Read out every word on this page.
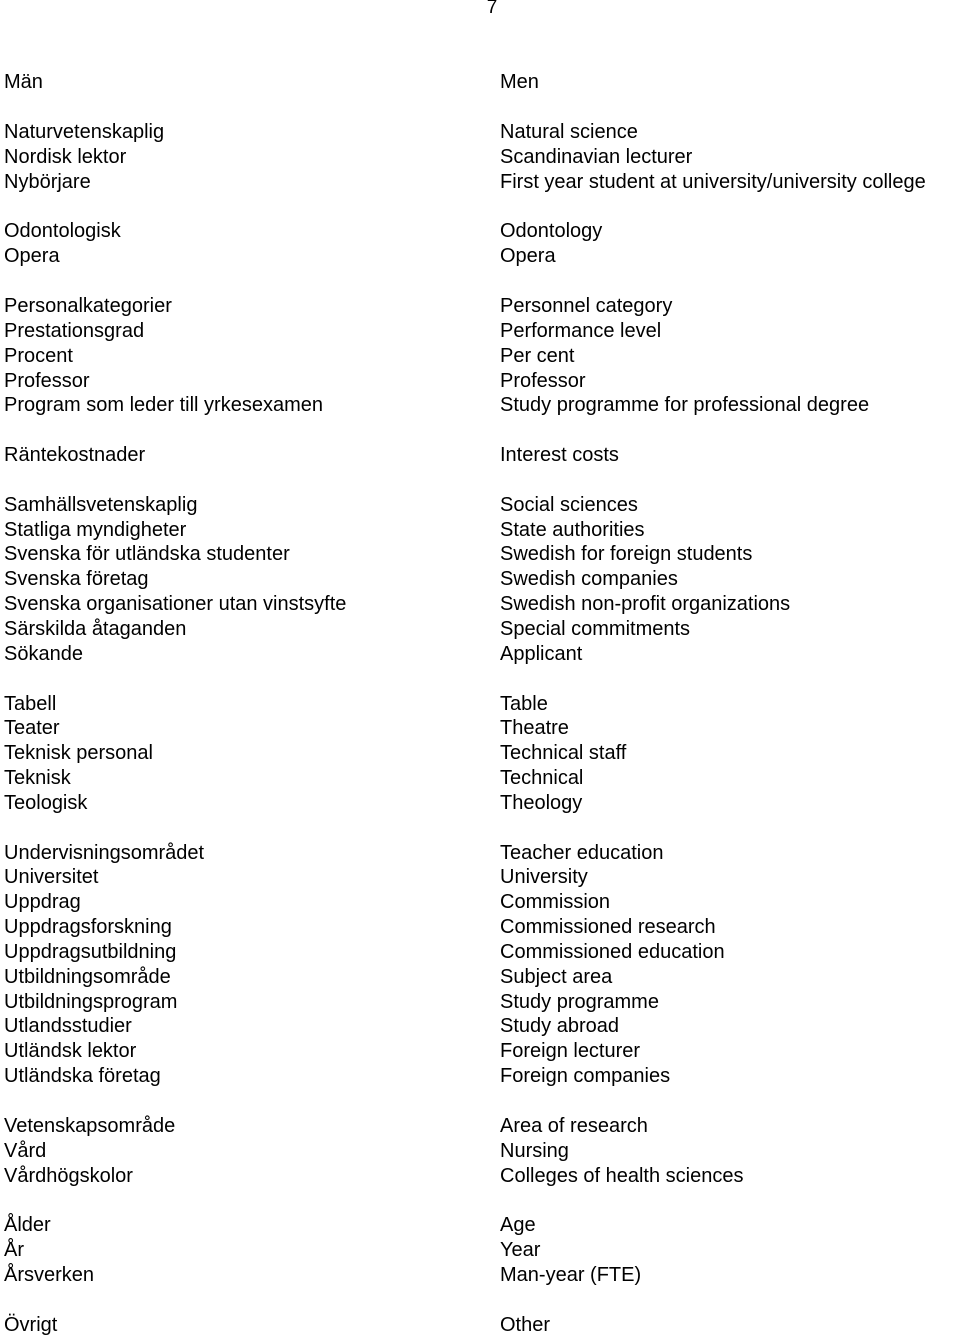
7
Män	Men
Naturvetenskaplig	Natural science
Nordisk lektor	Scandinavian lecturer
Nybörjare	First year student at university/university college
Odontologisk	Odontology
Opera	Opera
Personalkategorier	Personnel category
Prestationsgrad	Performance level
Procent	Per cent
Professor	Professor
Program som leder till yrkesexamen	Study programme for professional degree
Räntekostnader	Interest costs
Samhällsvetenskaplig	Social sciences
Statliga myndigheter	State authorities
Svenska för utländska studenter	Swedish for foreign students
Svenska företag	Swedish companies
Svenska organisationer utan vinstsyfte	Swedish non-profit organizations
Särskilda åtaganden	Special commitments
Sökande	Applicant
Tabell	Table
Teater	Theatre
Teknisk personal	Technical staff
Teknisk	Technical
Teologisk	Theology
Undervisningsområdet	Teacher education
Universitet	University
Uppdrag	Commission
Uppdragsforskning	Commissioned research
Uppdragsutbildning	Commissioned education
Utbildningsområde	Subject area
Utbildningsprogram	Study programme
Utlandsstudier	Study abroad
Utländsk lektor	Foreign lecturer
Utländska företag	Foreign companies
Vetenskapsområde	Area of research
Vård	Nursing
Vårdhögskolor	Colleges of health sciences
Ålder	Age
År	Year
Årsverken	Man-year (FTE)
Övrigt	Other
